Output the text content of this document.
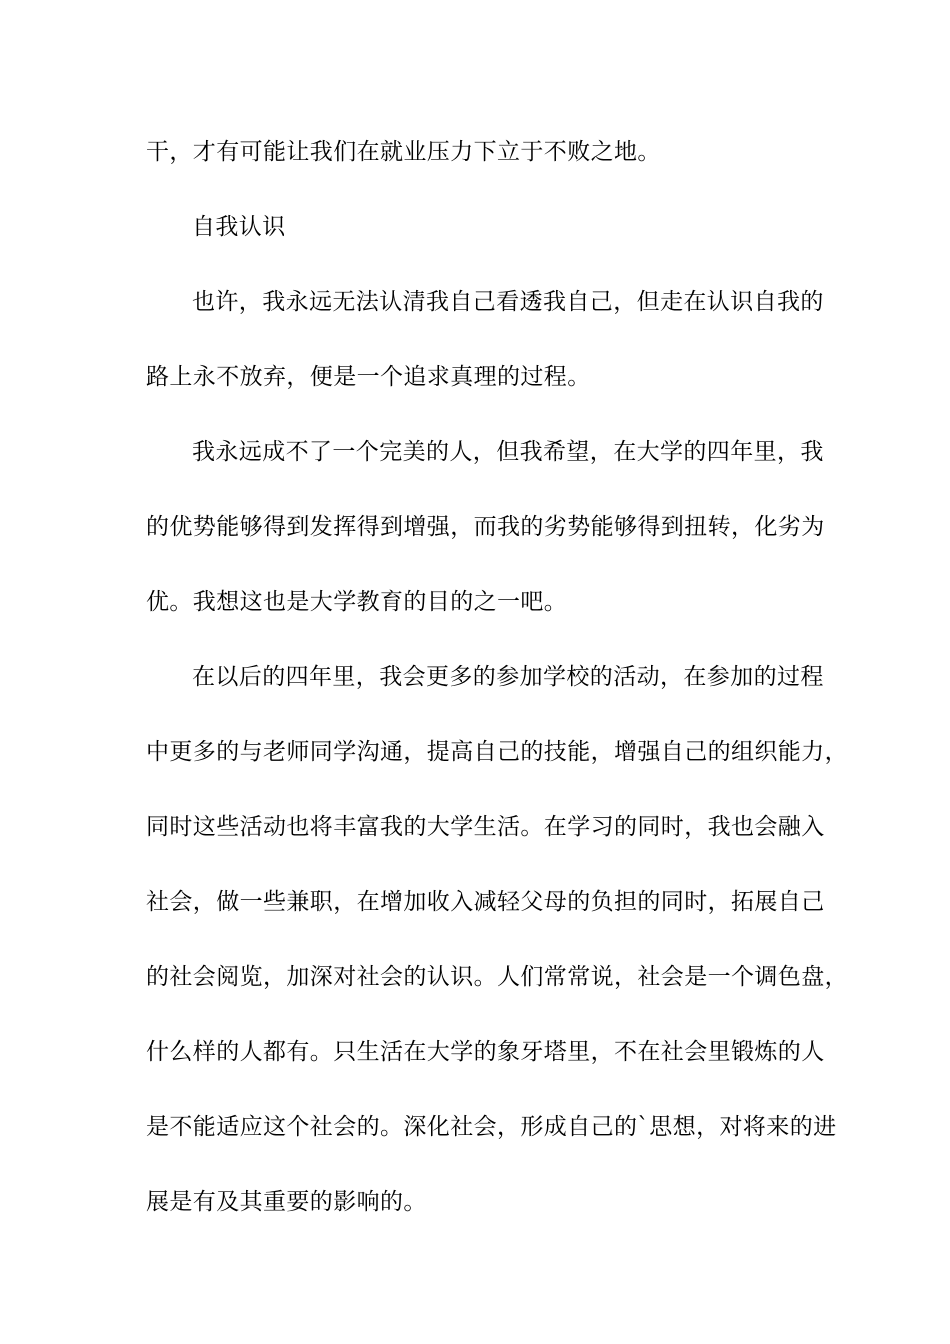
干，才有可能让我们在就业压力下立于不败之地。
自我认识
也许，我永远无法认清我自己看透我自己，但走在认识自我的
路上永不放弃，便是一个追求真理的过程。
我永远成不了一个完美的人，但我希望，在大学的四年里，我
的优势能够得到发挥得到增强，而我的劣势能够得到扭转，化劣为
优。我想这也是大学教育的目的之一吧。
在以后的四年里，我会更多的参加学校的活动，在参加的过程
中更多的与老师同学沟通，提高自己的技能，增强自己的组织能力，
同时这些活动也将丰富我的大学生活。在学习的同时，我也会融入
社会，做一些兼职，在增加收入减轻父母的负担的同时，拓展自己
的社会阅览，加深对社会的认识。人们常常说，社会是一个调色盘，
什么样的人都有。只生活在大学的象牙塔里，不在社会里锻炼的人
是不能适应这个社会的。深化社会，形成自己的`思想，对将来的进
展是有及其重要的影响的。
